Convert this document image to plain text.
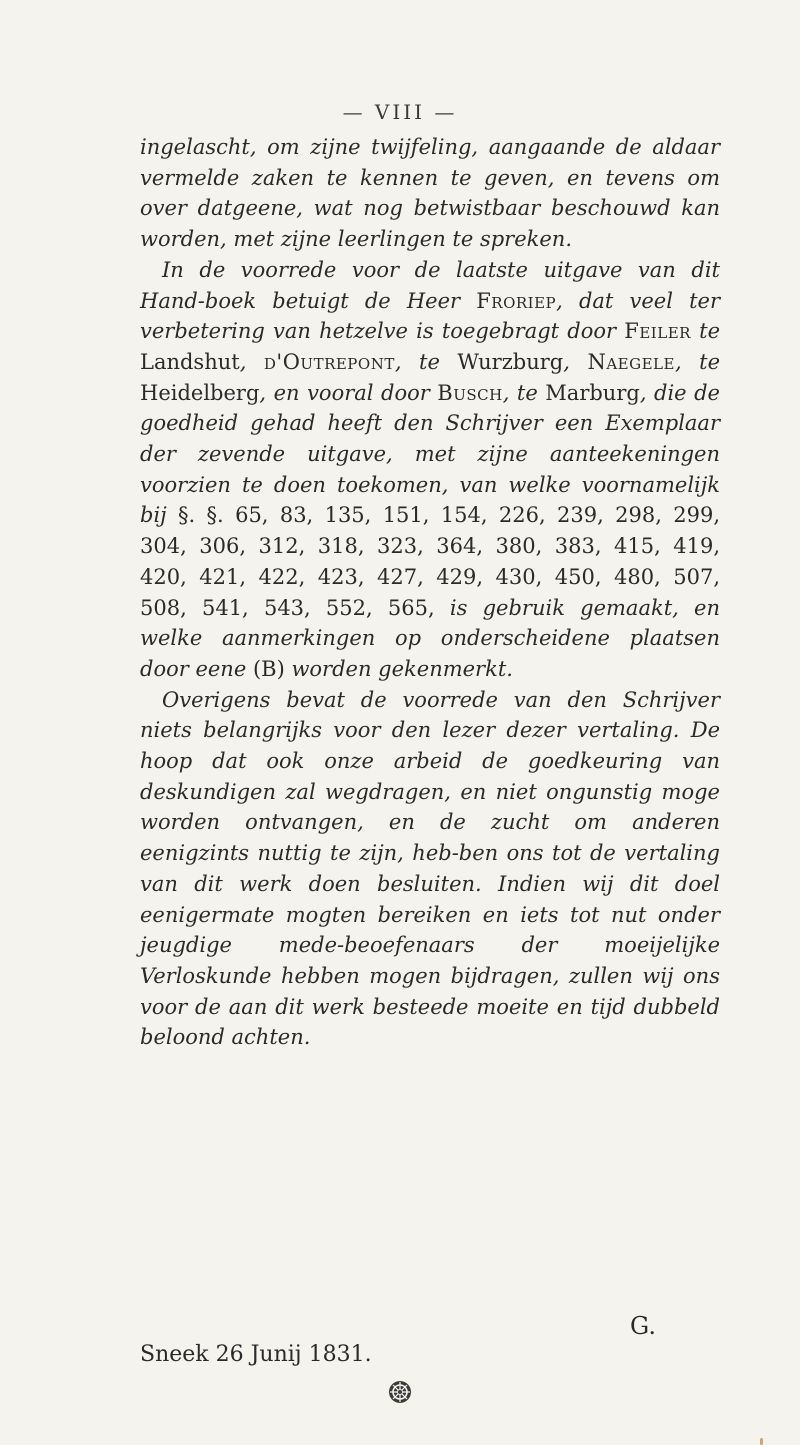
— VIII —

ingelascht, om zijne twijfeling, aangaande de aldaar vermelde zaken te kennen te geven, en tevens om over datgeene, wat nog betwistbaar beschouwd kan worden, met zijne leerlingen te spreken.

In de voorrede voor de laatste uitgave van dit Hand-boek betuigt de Heer Froriep, dat veel ter verbetering van hetzelve is toegebragt door Feiler te Landshut, d'Outrepont, te Wurzburg, Naegele, te Heidelberg, en vooral door Busch, te Marburg, die de goedheid gehad heeft den Schrijver een Exemplaar der zevende uitgave, met zijne aanteekeningen voorzien te doen toekomen, van welke voornamelijk bij §. §. 65, 83, 135, 151, 154, 226, 239, 298, 299, 304, 306, 312, 318, 323, 364, 380, 383, 415, 419, 420, 421, 422, 423, 427, 429, 430, 450, 480, 507, 508, 541, 543, 552, 565, is gebruik gemaakt, en welke aanmerkingen op onderscheidene plaatsen door eene (B) worden gekenmerkt.

Overigens bevat de voorrede van den Schrijver niets belangrijks voor den lezer dezer vertaling. De hoop dat ook onze arbeid de goedkeuring van deskundigen zal wegdragen, en niet ongunstig moge worden ontvangen, en de zucht om anderen eenigzints nuttig te zijn, heb-ben ons tot de vertaling van dit werk doen besluiten. Indien wij dit doel eenigermate mogten bereiken en iets tot nut onder jeugdige mede-beoefenaars der moeijelijke Verloskunde hebben mogen bijdragen, zullen wij ons voor de aan dit werk besteede moeite en tijd dubbeld beloond achten.

G.
Sneek 26 Junij 1831.
